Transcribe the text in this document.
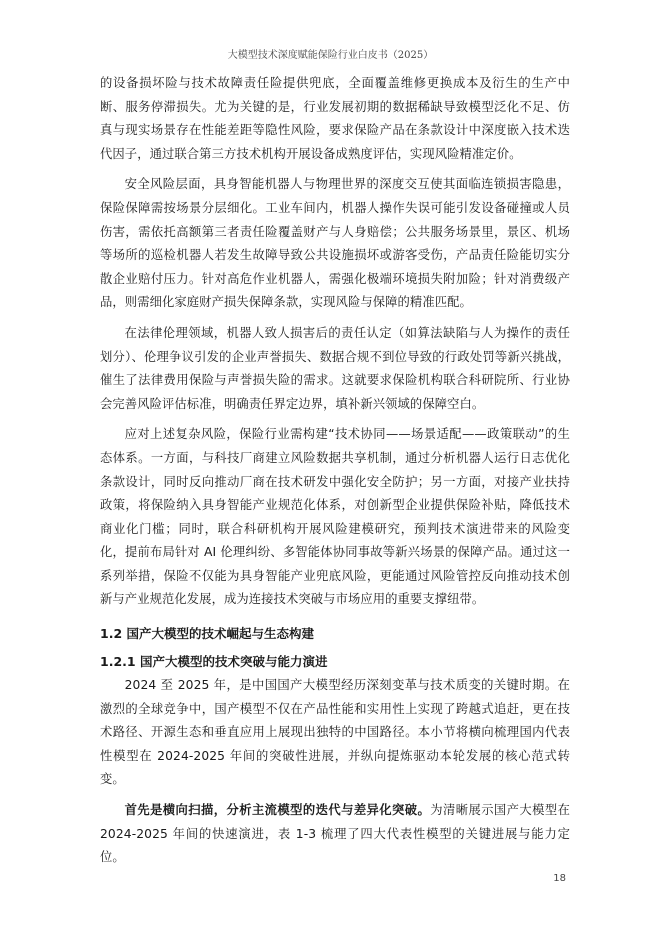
大模型技术深度赋能保险行业白皮书（2025）

的设备损坏险与技术故障责任险提供兜底，全面覆盖维修更换成本及衍生的生产中断、服务停滞损失。尤为关键的是，行业发展初期的数据稀缺导致模型泛化不足、仿真与现实场景存在性能差距等隐性风险，要求保险产品在条款设计中深度嵌入技术迭代因子，通过联合第三方技术机构开展设备成熟度评估，实现风险精准定价。

安全风险层面，具身智能机器人与物理世界的深度交互使其面临连锁损害隐患，保险保障需按场景分层细化。工业车间内，机器人操作失误可能引发设备碰撞或人员伤害，需依托高额第三者责任险覆盖财产与人身赔偿；公共服务场景里，景区、机场等场所的巡检机器人若发生故障导致公共设施损坏或游客受伤，产品责任险能切实分散企业赔付压力。针对高危作业机器人，需强化极端环境损失附加险；针对消费级产品，则需细化家庭财产损失保障条款，实现风险与保障的精准匹配。

在法律伦理领域，机器人致人损害后的责任认定（如算法缺陷与人为操作的责任划分）、伦理争议引发的企业声誉损失、数据合规不到位导致的行政处罚等新兴挑战，催生了法律费用保险与声誉损失险的需求。这就要求保险机构联合科研院所、行业协会完善风险评估标准，明确责任界定边界，填补新兴领域的保障空白。

应对上述复杂风险，保险行业需构建“技术协同——场景适配——政策联动”的生态体系。一方面，与科技厂商建立风险数据共享机制，通过分析机器人运行日志优化条款设计，同时反向推动厂商在技术研发中强化安全防护；另一方面，对接产业扶持政策，将保险纳入具身智能产业规范化体系，对创新型企业提供保险补贴，降低技术商业化门槛；同时，联合科研机构开展风险建模研究，预判技术演进带来的风险变化，提前布局针对 AI 伦理纠纷、多智能体协同事故等新兴场景的保障产品。通过这一系列举措，保险不仅能为具身智能产业兜底风险，更能通过风险管控反向推动技术创新与产业规范化发展，成为连接技术突破与市场应用的重要支撑纽带。

1.2 国产大模型的技术崛起与生态构建
1.2.1 国产大模型的技术突破与能力演进

2024 至 2025 年，是中国国产大模型经历深刻变革与技术质变的关键时期。在激烈的全球竞争中，国产模型不仅在产品性能和实用性上实现了跨越式追赶，更在技术路径、开源生态和垂直应用上展现出独特的中国路径。本小节将横向梳理国内代表性模型在 2024-2025 年间的突破性进展，并纵向提炼驱动本轮发展的核心范式转变。

首先是横向扫描，分析主流模型的迭代与差异化突破。为清晰展示国产大模型在 2024-2025 年间的快速演进，表 1-3 梳理了四大代表性模型的关键进展与能力定位。

18
